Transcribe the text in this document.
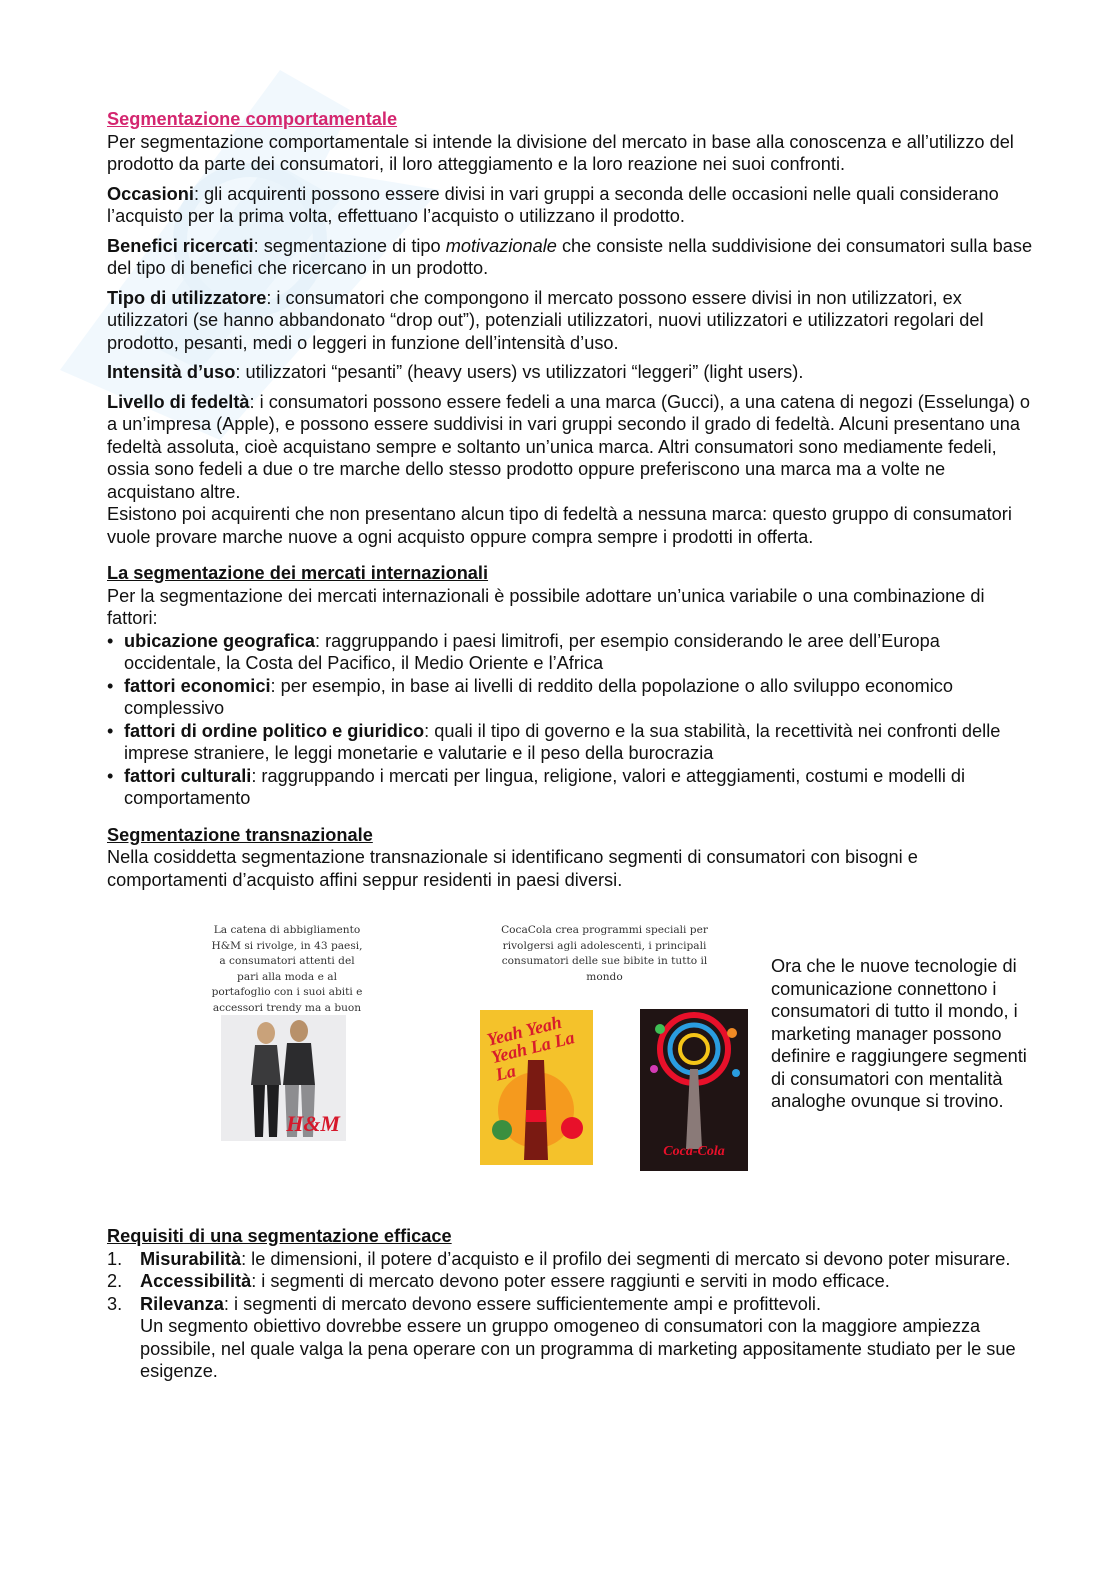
Segmentazione comportamentale

Per segmentazione comportamentale si intende la divisione del mercato in base alla conoscenza e all’utilizzo del prodotto da parte dei consumatori, il loro atteggiamento e la loro reazione nei suoi confronti.

Occasioni: gli acquirenti possono essere divisi in vari gruppi a seconda delle occasioni nelle quali considerano l’acquisto per la prima volta, effettuano l’acquisto o utilizzano il prodotto.

Benefici ricercati: segmentazione di tipo motivazionale che consiste nella suddivisione dei consumatori sulla base del tipo di benefici che ricercano in un prodotto.

Tipo di utilizzatore: i consumatori che compongono il mercato possono essere divisi in non utilizzatori, ex utilizzatori (se hanno abbandonato “drop out”), potenziali utilizzatori, nuovi utilizzatori e utilizzatori regolari del prodotto, pesanti, medi o leggeri in funzione dell’intensità d’uso.

Intensità d’uso: utilizzatori “pesanti” (heavy users) vs utilizzatori “leggeri” (light users).

Livello di fedeltà: i consumatori possono essere fedeli a una marca (Gucci), a una catena di negozi (Esselunga) o a un’impresa (Apple), e possono essere suddivisi in vari gruppi secondo il grado di fedeltà. Alcuni presentano una fedeltà assoluta, cioè acquistano sempre e soltanto un’unica marca. Altri consumatori sono mediamente fedeli, ossia sono fedeli a due o tre marche dello stesso prodotto oppure preferiscono una marca ma a volte ne acquistano altre.

Esistono poi acquirenti che non presentano alcun tipo di fedeltà a nessuna marca: questo gruppo di consumatori vuole provare marche nuove a ogni acquisto oppure compra sempre i prodotti in offerta.

La segmentazione dei mercati internazionali

Per la segmentazione dei mercati internazionali è possibile adottare un’unica variabile o una combinazione di fattori:

• ubicazione geografica: raggruppando i paesi limitrofi, per esempio considerando le aree dell’Europa occidentale, la Costa del Pacifico, il Medio Oriente e l’Africa
• fattori economici: per esempio, in base ai livelli di reddito della popolazione o allo sviluppo economico complessivo
• fattori di ordine politico e giuridico: quali il tipo di governo e la sua stabilità, la recettività nei confronti delle imprese straniere, le leggi monetarie e valutarie e il peso della burocrazia
• fattori culturali: raggruppando i mercati per lingua, religione, valori e atteggiamenti, costumi e modelli di comportamento
Segmentazione transnazionale

Nella cosiddetta segmentazione transnazionale si identificano segmenti di consumatori con bisogni e comportamenti d’acquisto affini seppur residenti in paesi diversi.

La catena di abbigliamento H&M si rivolge, in 43 paesi, a consumatori attenti del pari alla moda e al portafoglio con i suoi abiti e accessori trendy ma a buon
H&M
CocaCola crea programmi speciali per rivolgersi agli adolescenti, i principali consumatori delle sue bibite in tutto il mondo
Yeah Yeah Yeah La La La
Coca-Cola
Ora che le nuove tecnologie di comunicazione connettono i consumatori di tutto il mondo, i marketing manager possono definire e raggiungere segmenti di consumatori con mentalità analoghe ovunque si trovino.
Requisiti di una segmentazione efficace
1. Misurabilità: le dimensioni, il potere d’acquisto e il profilo dei segmenti di mercato si devono poter misurare.
2. Accessibilità: i segmenti di mercato devono poter essere raggiunti e serviti in modo efficace.
3. Rilevanza: i segmenti di mercato devono essere sufficientemente ampi e profittevoli.
Un segmento obiettivo dovrebbe essere un gruppo omogeneo di consumatori con la maggiore ampiezza possibile, nel quale valga la pena operare con un programma di marketing appositamente studiato per le sue esigenze.
